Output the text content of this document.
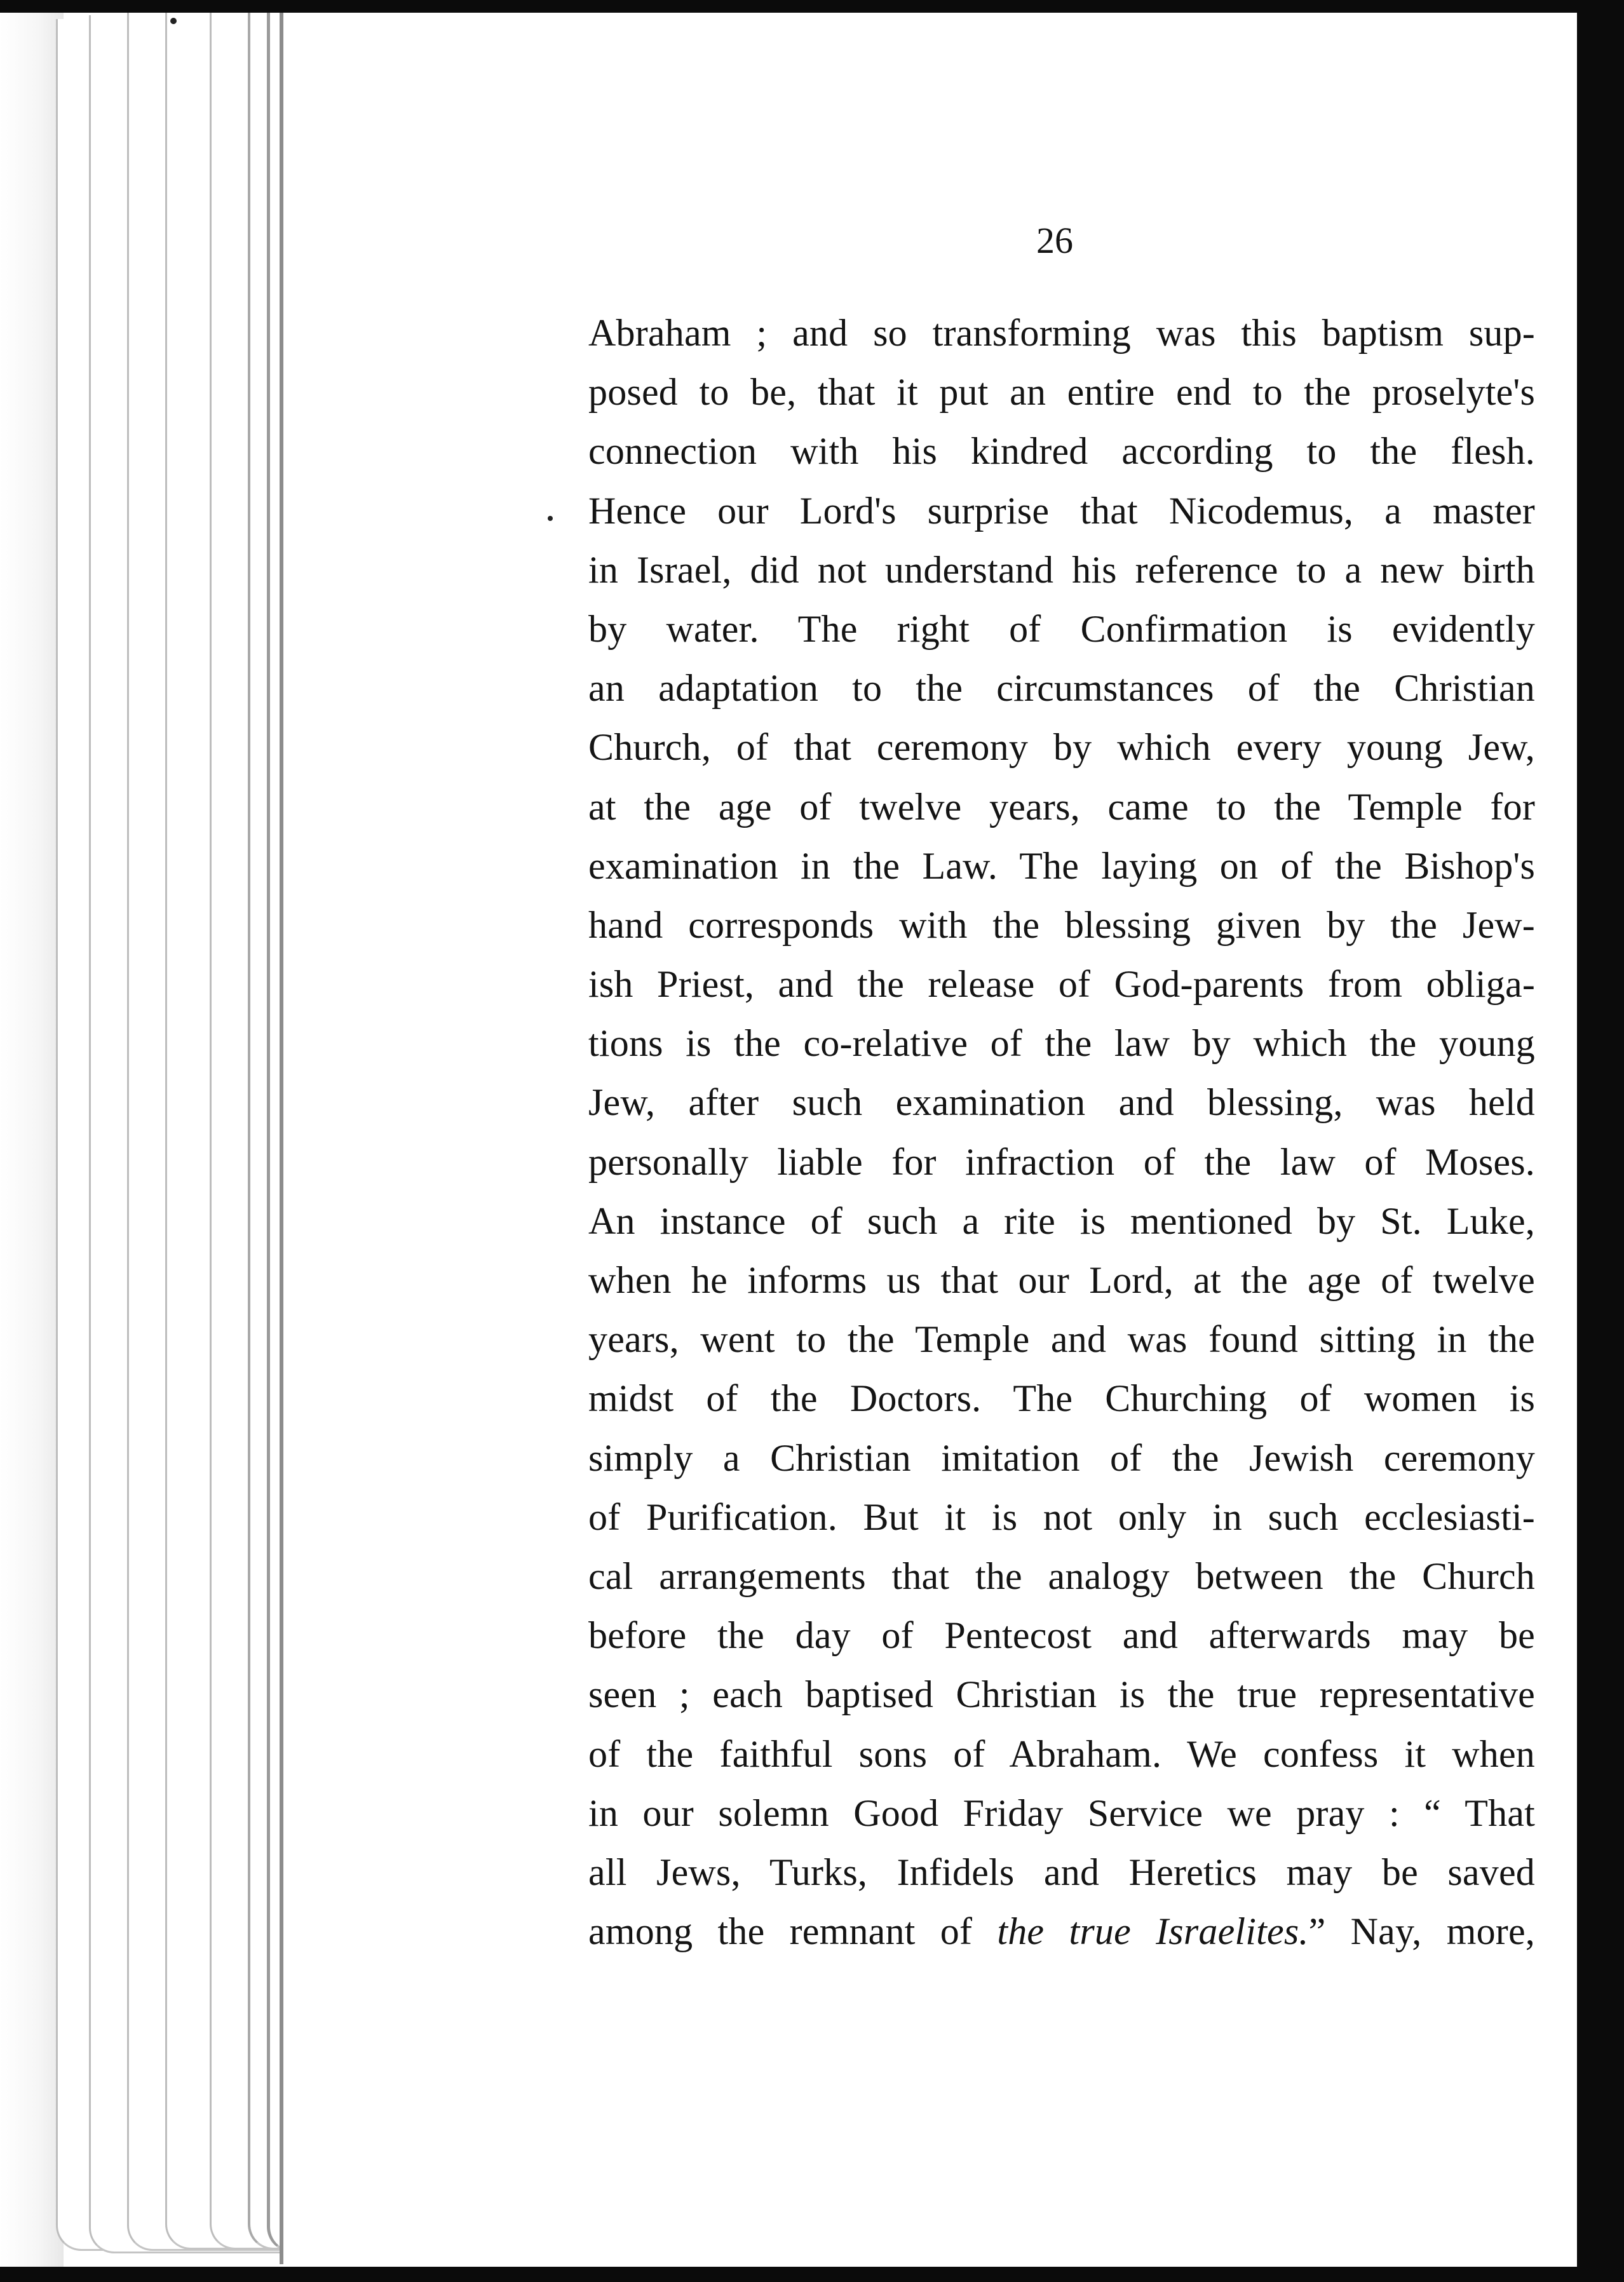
26
Abraham ; and so transforming was this baptism sup-
posed to be, that it put an entire end to the proselyte's
connection with his kindred according to the flesh.
Hence our Lord's surprise that Nicodemus, a master
in Israel, did not understand his reference to a new birth
by water. The right of Confirmation is evidently
an adaptation to the circumstances of the Christian
Church, of that ceremony by which every young Jew,
at the age of twelve years, came to the Temple for
examination in the Law. The laying on of the Bishop's
hand corresponds with the blessing given by the Jew-
ish Priest, and the release of God-parents from obliga-
tions is the co-relative of the law by which the young
Jew, after such examination and blessing, was held
personally liable for infraction of the law of Moses.
An instance of such a rite is mentioned by St. Luke,
when he informs us that our Lord, at the age of twelve
years, went to the Temple and was found sitting in the
midst of the Doctors. The Churching of women is
simply a Christian imitation of the Jewish ceremony
of Purification. But it is not only in such ecclesiasti-
cal arrangements that the analogy between the Church
before the day of Pentecost and afterwards may be
seen ; each baptised Christian is the true representative
of the faithful sons of Abraham. We confess it when
in our solemn Good Friday Service we pray : “ That
all Jews, Turks, Infidels and Heretics may be saved
among the remnant of the true Israelites.” Nay, more,
